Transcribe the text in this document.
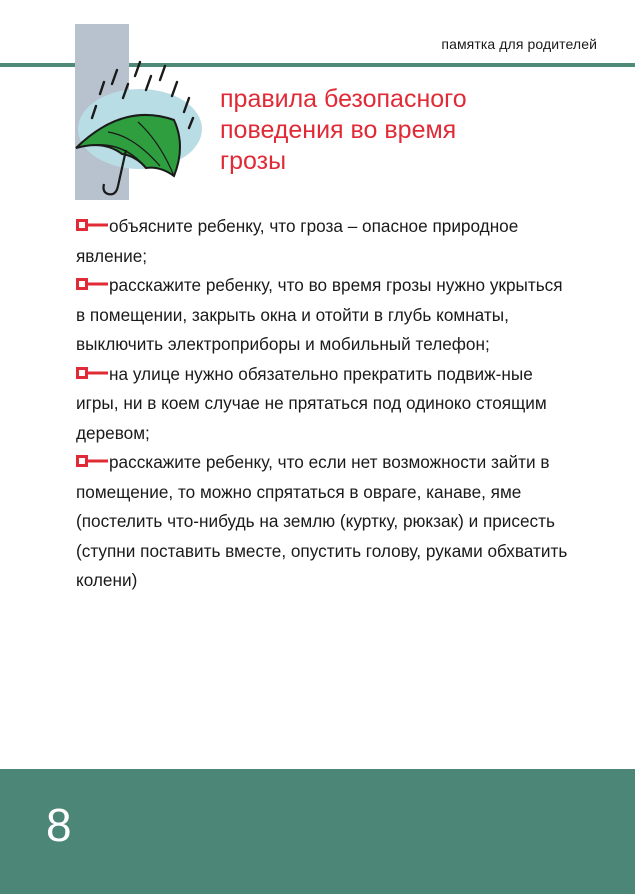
памятка для родителей
правила безопасного
поведения во время
грозы
объясните ребенку, что гроза – опасное природное явление;
расскажите ребенку, что во время грозы нужно укрыться в помещении, закрыть окна и отойти в глубь комнаты, выключить электроприборы и мобильный телефон;
на улице нужно обязательно прекратить подвиж-ные игры, ни в коем случае не прятаться под одиноко стоящим деревом;
расскажите ребенку, что если нет возможности зайти в помещение, то можно спрятаться в овраге, канаве, яме (постелить что-нибудь на землю (куртку, рюкзак) и присесть (ступни поставить вместе, опустить голову, руками обхватить колени)
8
